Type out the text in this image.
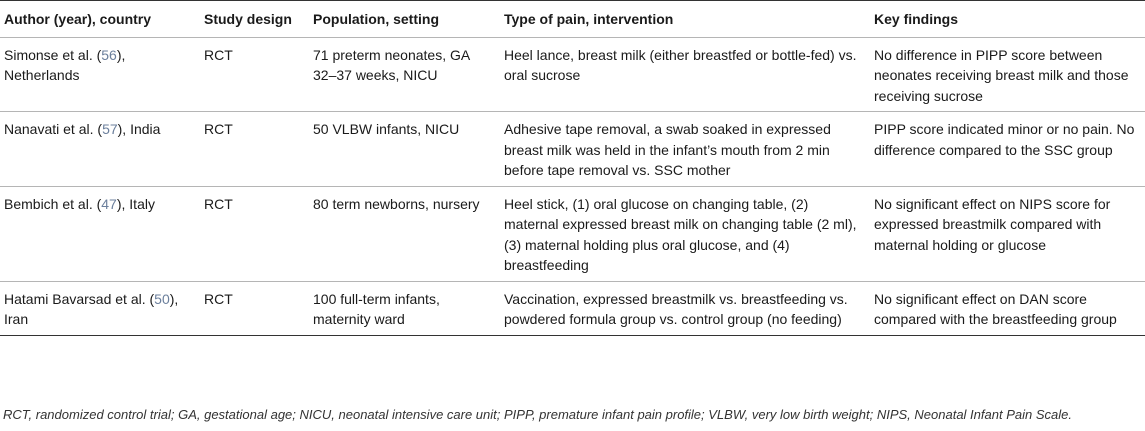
Author (year), country	Study design	Population, setting	Type of pain, intervention	Key findings
Simonse et al. (56), Netherlands	RCT	71 preterm neonates, GA 32–37 weeks, NICU	Heel lance, breast milk (either breastfed or bottle-fed) vs. oral sucrose	No difference in PIPP score between neonates receiving breast milk and those receiving sucrose
Nanavati et al. (57), India	RCT	50 VLBW infants, NICU	Adhesive tape removal, a swab soaked in expressed breast milk was held in the infant’s mouth from 2 min before tape removal vs. SSC mother	PIPP score indicated minor or no pain. No difference compared to the SSC group
Bembich et al. (47), Italy	RCT	80 term newborns, nursery	Heel stick, (1) oral glucose on changing table, (2) maternal expressed breast milk on changing table (2 ml), (3) maternal holding plus oral glucose, and (4) breastfeeding	No significant effect on NIPS score for expressed breastmilk compared with maternal holding or glucose
Hatami Bavarsad et al. (50), Iran	RCT	100 full-term infants, maternity ward	Vaccination, expressed breastmilk vs. breastfeeding vs. powdered formula group vs. control group (no feeding)	No significant effect on DAN score compared with the breastfeeding group
RCT, randomized control trial; GA, gestational age; NICU, neonatal intensive care unit; PIPP, premature infant pain profile; VLBW, very low birth weight; NIPS, Neonatal Infant Pain Scale.
